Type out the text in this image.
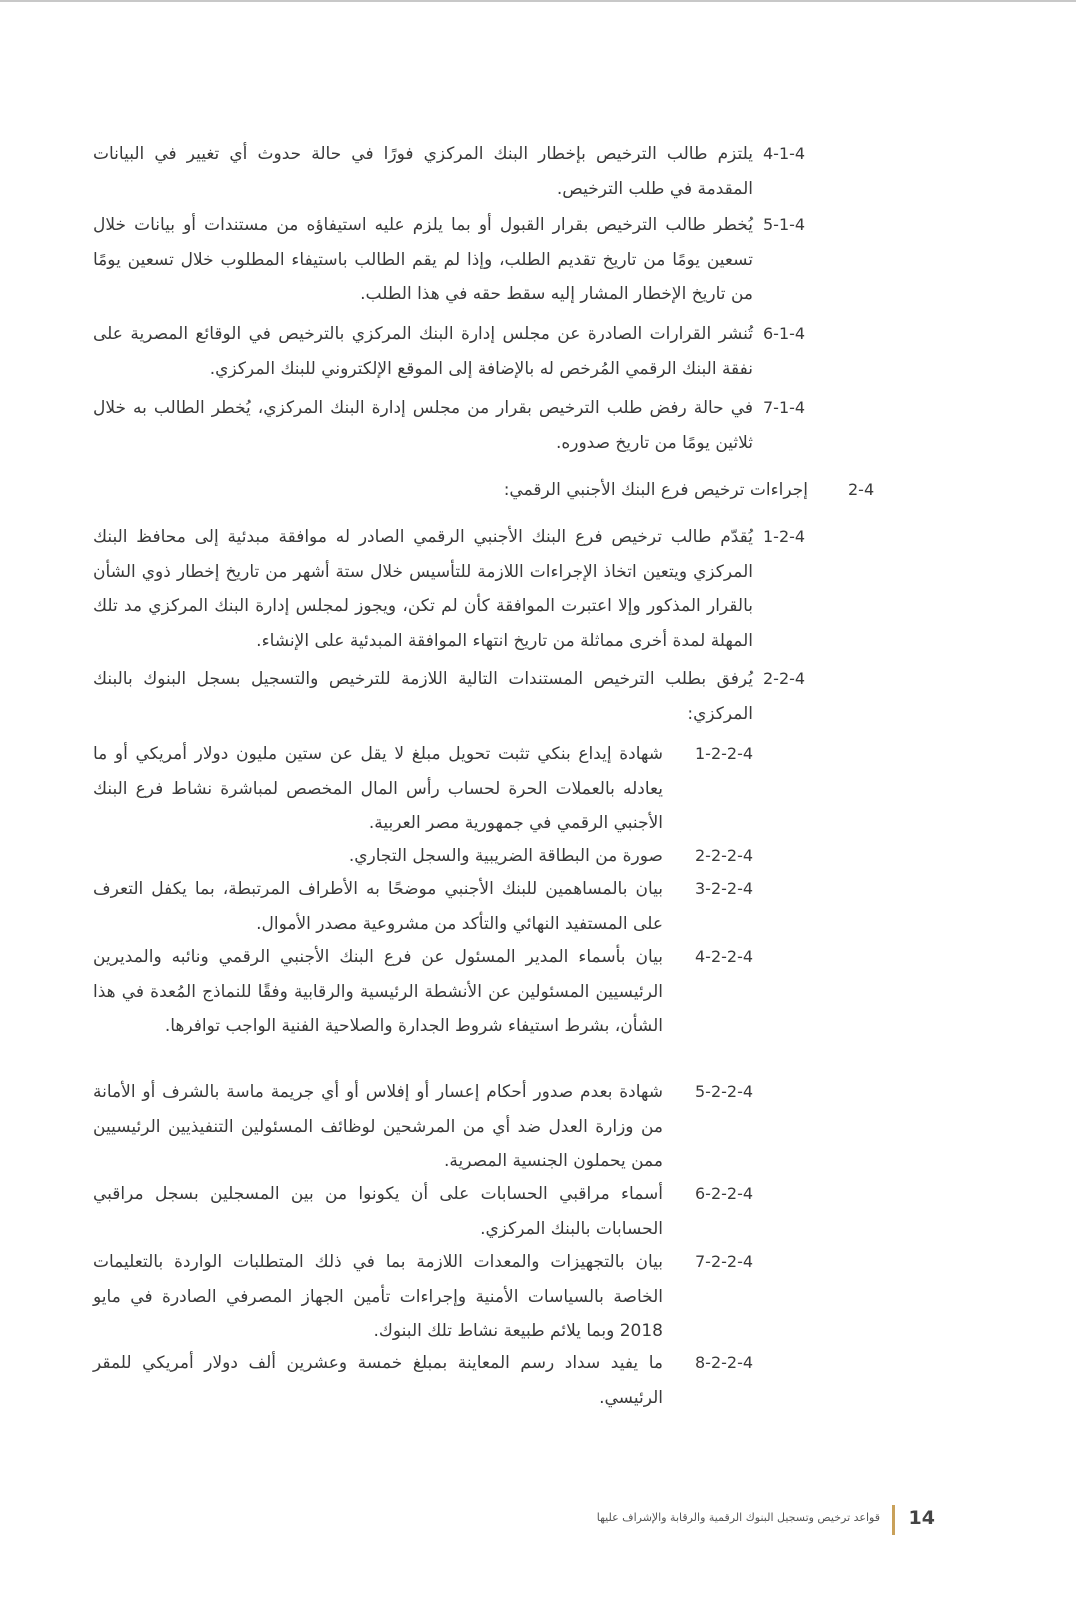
4-1-4
يلتزم طالب الترخيص بإخطار البنك المركزي فورًا في حالة حدوث أي تغيير في البيانات المقدمة في طلب الترخيص.
5-1-4
يُخطر طالب الترخيص بقرار القبول أو بما يلزم عليه استيفاؤه من مستندات أو بيانات خلال تسعين يومًا من تاريخ تقديم الطلب، وإذا لم يقم الطالب باستيفاء المطلوب خلال تسعين يومًا من تاريخ الإخطار المشار إليه سقط حقه في هذا الطلب.
6-1-4
تُنشر القرارات الصادرة عن مجلس إدارة البنك المركزي بالترخيص في الوقائع المصرية على نفقة البنك الرقمي المُرخص له بالإضافة إلى الموقع الإلكتروني للبنك المركزي.
7-1-4
في حالة رفض طلب الترخيص بقرار من مجلس إدارة البنك المركزي، يُخطر الطالب به خلال ثلاثين يومًا من تاريخ صدوره.
2-4
إجراءات ترخيص فرع البنك الأجنبي الرقمي:
1-2-4
يُقدّم طالب ترخيص فرع البنك الأجنبي الرقمي الصادر له موافقة مبدئية إلى محافظ البنك المركزي ويتعين اتخاذ الإجراءات اللازمة للتأسيس خلال ستة أشهر من تاريخ إخطار ذوي الشأن بالقرار المذكور وإلا اعتبرت الموافقة كأن لم تكن، ويجوز لمجلس إدارة البنك المركزي مد تلك المهلة لمدة أخرى مماثلة من تاريخ انتهاء الموافقة المبدئية على الإنشاء.
2-2-4
يُرفق بطلب الترخيص المستندات التالية اللازمة للترخيص والتسجيل بسجل البنوك بالبنك المركزي:
1-2-2-4
شهادة إيداع بنكي تثبت تحويل مبلغ لا يقل عن ستين مليون دولار أمريكي أو ما يعادله بالعملات الحرة لحساب رأس المال المخصص لمباشرة نشاط فرع البنك الأجنبي الرقمي في جمهورية مصر العربية.
2-2-2-4
صورة من البطاقة الضريبية والسجل التجاري.
3-2-2-4
بيان بالمساهمين للبنك الأجنبي موضحًا به الأطراف المرتبطة، بما يكفل التعرف على المستفيد النهائي والتأكد من مشروعية مصدر الأموال.
4-2-2-4
بيان بأسماء المدير المسئول عن فرع البنك الأجنبي الرقمي ونائبه والمديرين الرئيسيين المسئولين عن الأنشطة الرئيسية والرقابية وفقًا للنماذج المُعدة في هذا الشأن، بشرط استيفاء شروط الجدارة والصلاحية الفنية الواجب توافرها.
5-2-2-4
شهادة بعدم صدور أحكام إعسار أو إفلاس أو أي جريمة ماسة بالشرف أو الأمانة من وزارة العدل ضد أي من المرشحين لوظائف المسئولين التنفيذيين الرئيسيين ممن يحملون الجنسية المصرية.
6-2-2-4
أسماء مراقبي الحسابات على أن يكونوا من بين المسجلين بسجل مراقبي الحسابات بالبنك المركزي.
7-2-2-4
بيان بالتجهيزات والمعدات اللازمة بما في ذلك المتطلبات الواردة بالتعليمات الخاصة بالسياسات الأمنية وإجراءات تأمين الجهاز المصرفي الصادرة في مايو 2018 وبما يلائم طبيعة نشاط تلك البنوك.
8-2-2-4
ما يفيد سداد رسم المعاينة بمبلغ خمسة وعشرين ألف دولار أمريكي للمقر الرئيسي.
قواعد ترخيص وتسجيل البنوك الرقمية والرقابة والإشراف عليها 14
